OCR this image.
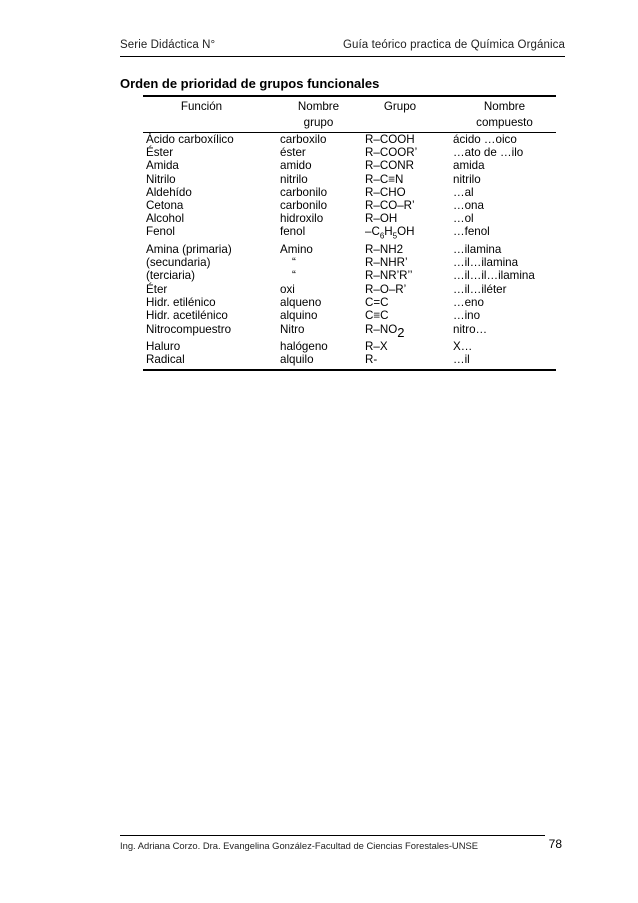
Serie Didáctica N°	Guía teórico practica de Química Orgánica
Orden de prioridad de grupos funcionales
Función	Nombre grupo	Grupo	Nombre compuesto
Ácido carboxílico	carboxilo	R–COOH	ácido …oico
Éster	éster	R–COOR’	…ato de …ilo
Amida	amido	R–CONR	amida
Nitrilo	nitrilo	R–C≡N	nitrilo
Aldehído	carbonilo	R–CHO	…al
Cetona	carbonilo	R–CO–R’	…ona
Alcohol	hidroxilo	R–OH	…ol
Fenol	fenol	$-C_6H_5OH$	…fenol
Amina (primaria)	Amino	R–NH2	…ilamina
(secundaria)	“	R–NHR’	…il…ilamina
(terciaria)	“	R–NR’R’’	…il…il…ilamina
Éter	oxi	R–O–R’	…il…iléter
Hidr. etilénico	alqueno	C=C	…eno
Hidr. acetilénico	alquino	C≡C	…ino
Nitrocompuestro	Nitro	$R-NO_2$	nitro…
Haluro	halógeno	R–X	X…
Radical	alquilo	R-	…il
Ing. Adriana Corzo. Dra. Evangelina González-Facultad de Ciencias Forestales-UNSE	78
